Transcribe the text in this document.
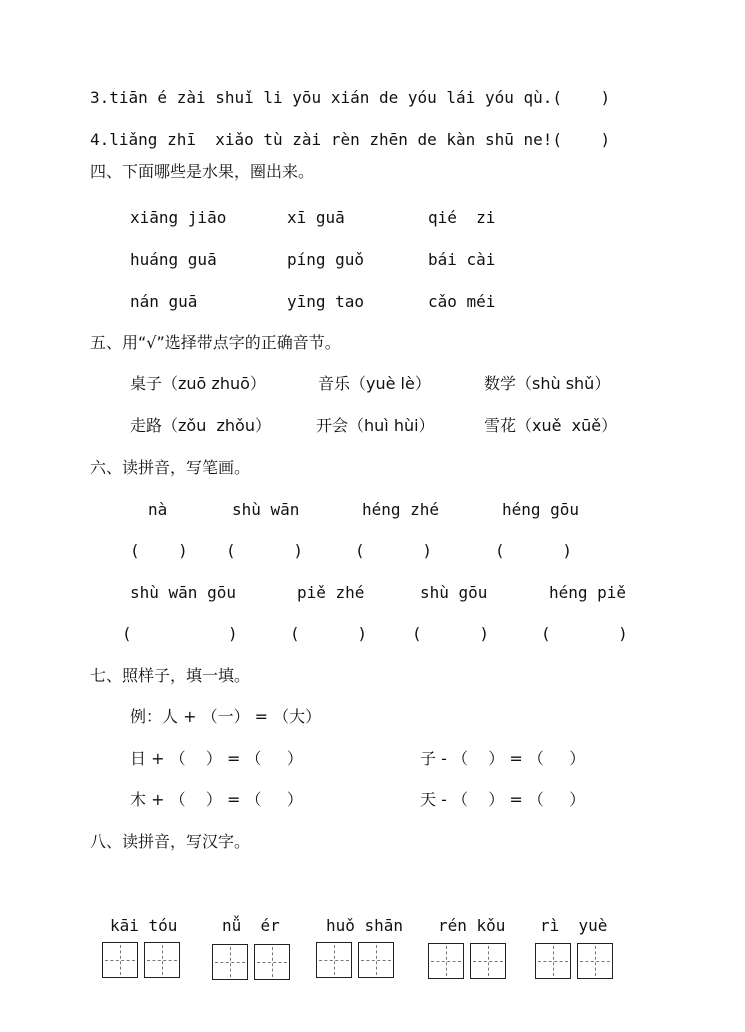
3.tiān é zài shuǐ li yōu xián de yóu lái yóu qù.(    )
4.liǎng zhī  xiǎo tù zài rèn zhēn de kàn shū ne!(    )
四、下面哪些是水果，圈出来。
xiāng jiāo	xī guā	qié  zi
huáng guā	píng guǒ	bái cài
nán guā	yīng tao	cǎo méi
五、用“√”选择带点字的正确音节。
桌子（zuō zhuō）	音乐（yuè lè）	数学（shù shǔ）
走路（zǒu  zhǒu）	开会（huì hùi）	雪花（xuě  xūě）
六、读拼音，写笔画。
nà	shù wān	héng zhé	héng gōu
(    ) (      )	(      )	(      )
shù wān gōu	piě zhé	shù gōu	héng piě
(          )	(      )	(      )	(       )
七、照样子，填一填。
例：人 + （一） = （大）
日 + （    ） = （     ）	子 - （    ） = （     ）
木 + （    ） = （     ）	天 - （    ） = （     ）
八、读拼音，写汉字。
kāi tóu	nǚ  ér	huǒ shān rén kǒu rì  yuè
